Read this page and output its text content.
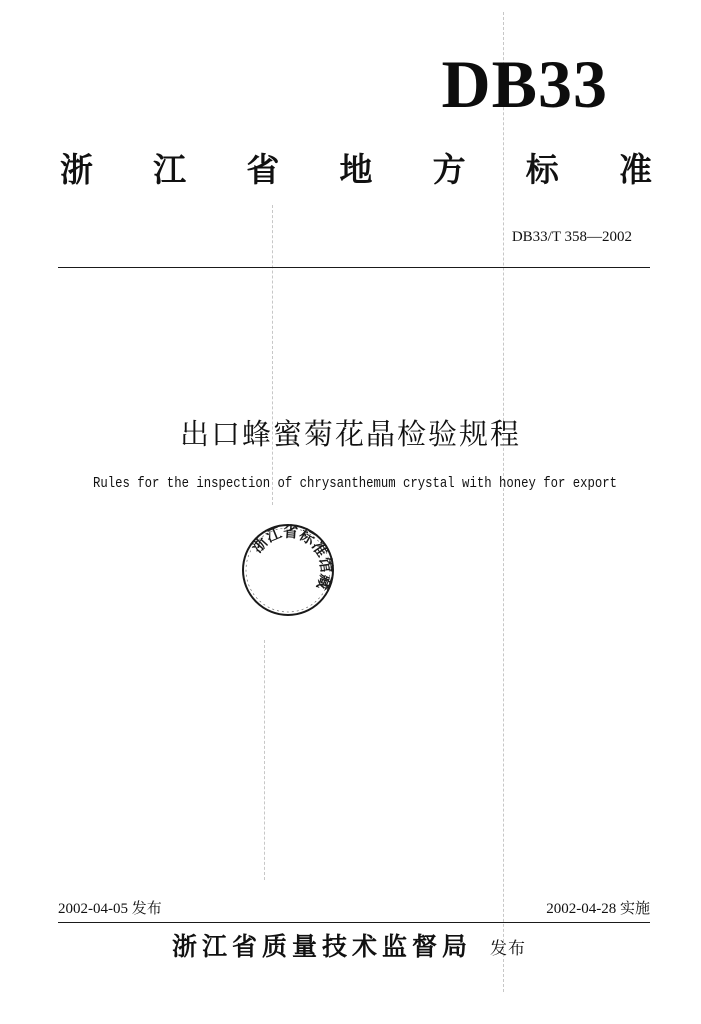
DB33
浙 江 省 地 方 标 准
DB33/T 358—2002
出口蜂蜜菊花晶检验规程
Rules for the inspection of chrysanthemum crystal with honey for export
浙江省标准馆藏
2002-04-05 发布	2002-04-28 实施
浙江省质量技术监督局 发布
